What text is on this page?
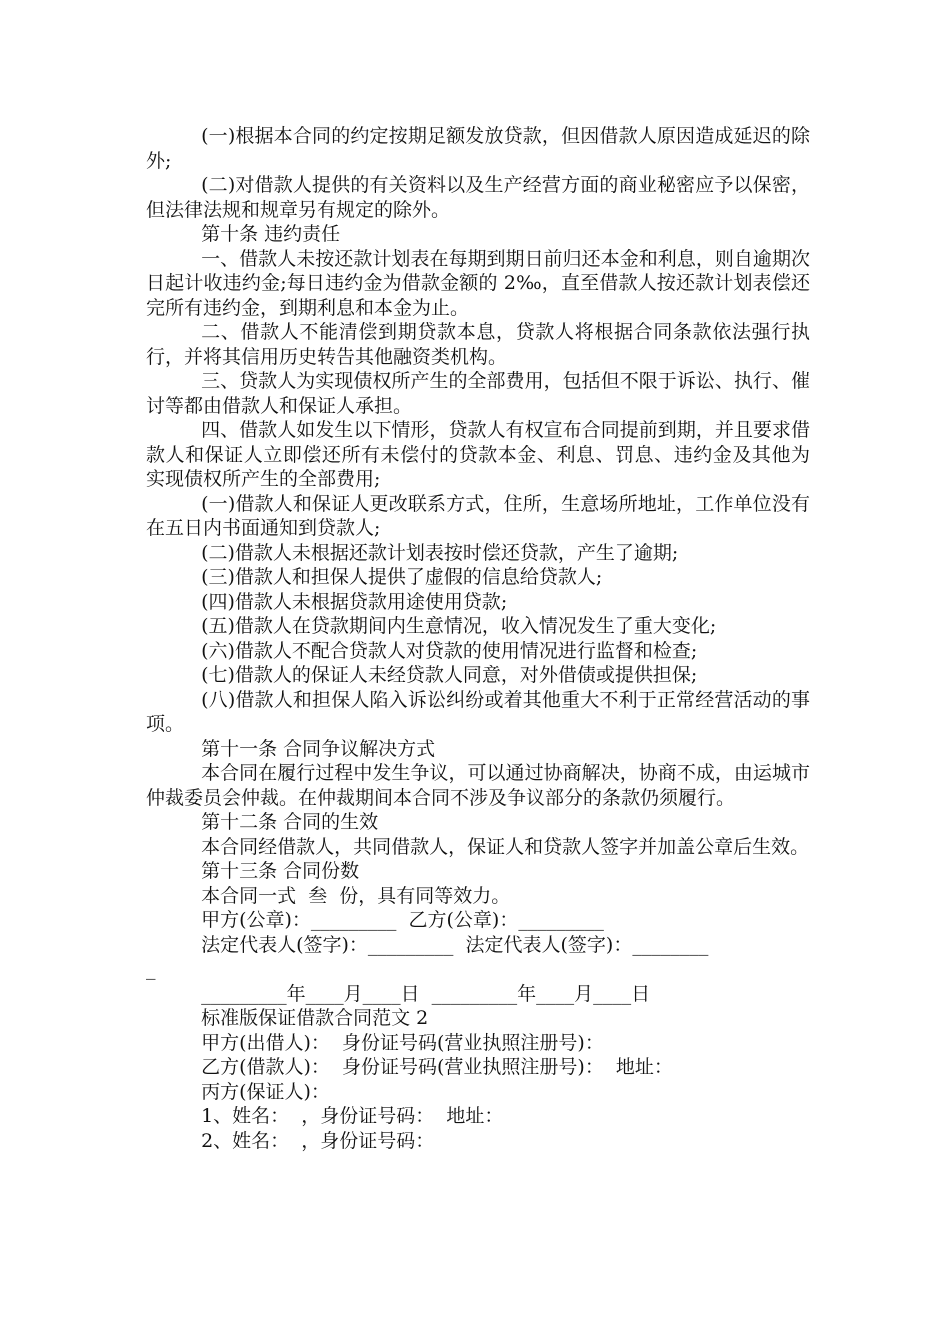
(一)根据本合同的约定按期足额发放贷款，但因借款人原因造成延迟的除外;

(二)对借款人提供的有关资料以及生产经营方面的商业秘密应予以保密，但法律法规和规章另有规定的除外。

第十条 违约责任

一、借款人未按还款计划表在每期到期日前归还本金和利息，则自逾期次日起计收违约金;每日违约金为借款金额的 2‰，直至借款人按还款计划表偿还完所有违约金，到期利息和本金为止。

二、借款人不能清偿到期贷款本息，贷款人将根据合同条款依法强行执行，并将其信用历史转告其他融资类机构。

三、贷款人为实现债权所产生的全部费用，包括但不限于诉讼、执行、催讨等都由借款人和保证人承担。

四、借款人如发生以下情形，贷款人有权宣布合同提前到期，并且要求借款人和保证人立即偿还所有未偿付的贷款本金、利息、罚息、违约金及其他为实现债权所产生的全部费用;

(一)借款人和保证人更改联系方式，住所，生意场所地址，工作单位没有在五日内书面通知到贷款人;

(二)借款人未根据还款计划表按时偿还贷款，产生了逾期;

(三)借款人和担保人提供了虚假的信息给贷款人;

(四)借款人未根据贷款用途使用贷款;

(五)借款人在贷款期间内生意情况，收入情况发生了重大变化;

(六)借款人不配合贷款人对贷款的使用情况进行监督和检查;

(七)借款人的保证人未经贷款人同意，对外借债或提供担保;

(八)借款人和担保人陷入诉讼纠纷或着其他重大不利于正常经营活动的事项。

第十一条 合同争议解决方式

本合同在履行过程中发生争议，可以通过协商解决，协商不成，由运城市仲裁委员会仲裁。在仲裁期间本合同不涉及争议部分的条款仍须履行。

第十二条 合同的生效

本合同经借款人，共同借款人，保证人和贷款人签字并加盖公章后生效。

第十三条 合同份数

本合同一式  叁  份，具有同等效力。

甲方(公章)：_________  乙方(公章)：_________

法定代表人(签字)：_________  法定代表人(签字)：________

_

_________年____月____日  _________年____月____日

标准版保证借款合同范文 2

甲方(出借人)：  身份证号码(营业执照注册号)：

乙方(借款人)：  身份证号码(营业执照注册号)：  地址：

丙方(保证人)：

1、姓名：  ，身份证号码：  地址：

2、姓名：  ，身份证号码：
